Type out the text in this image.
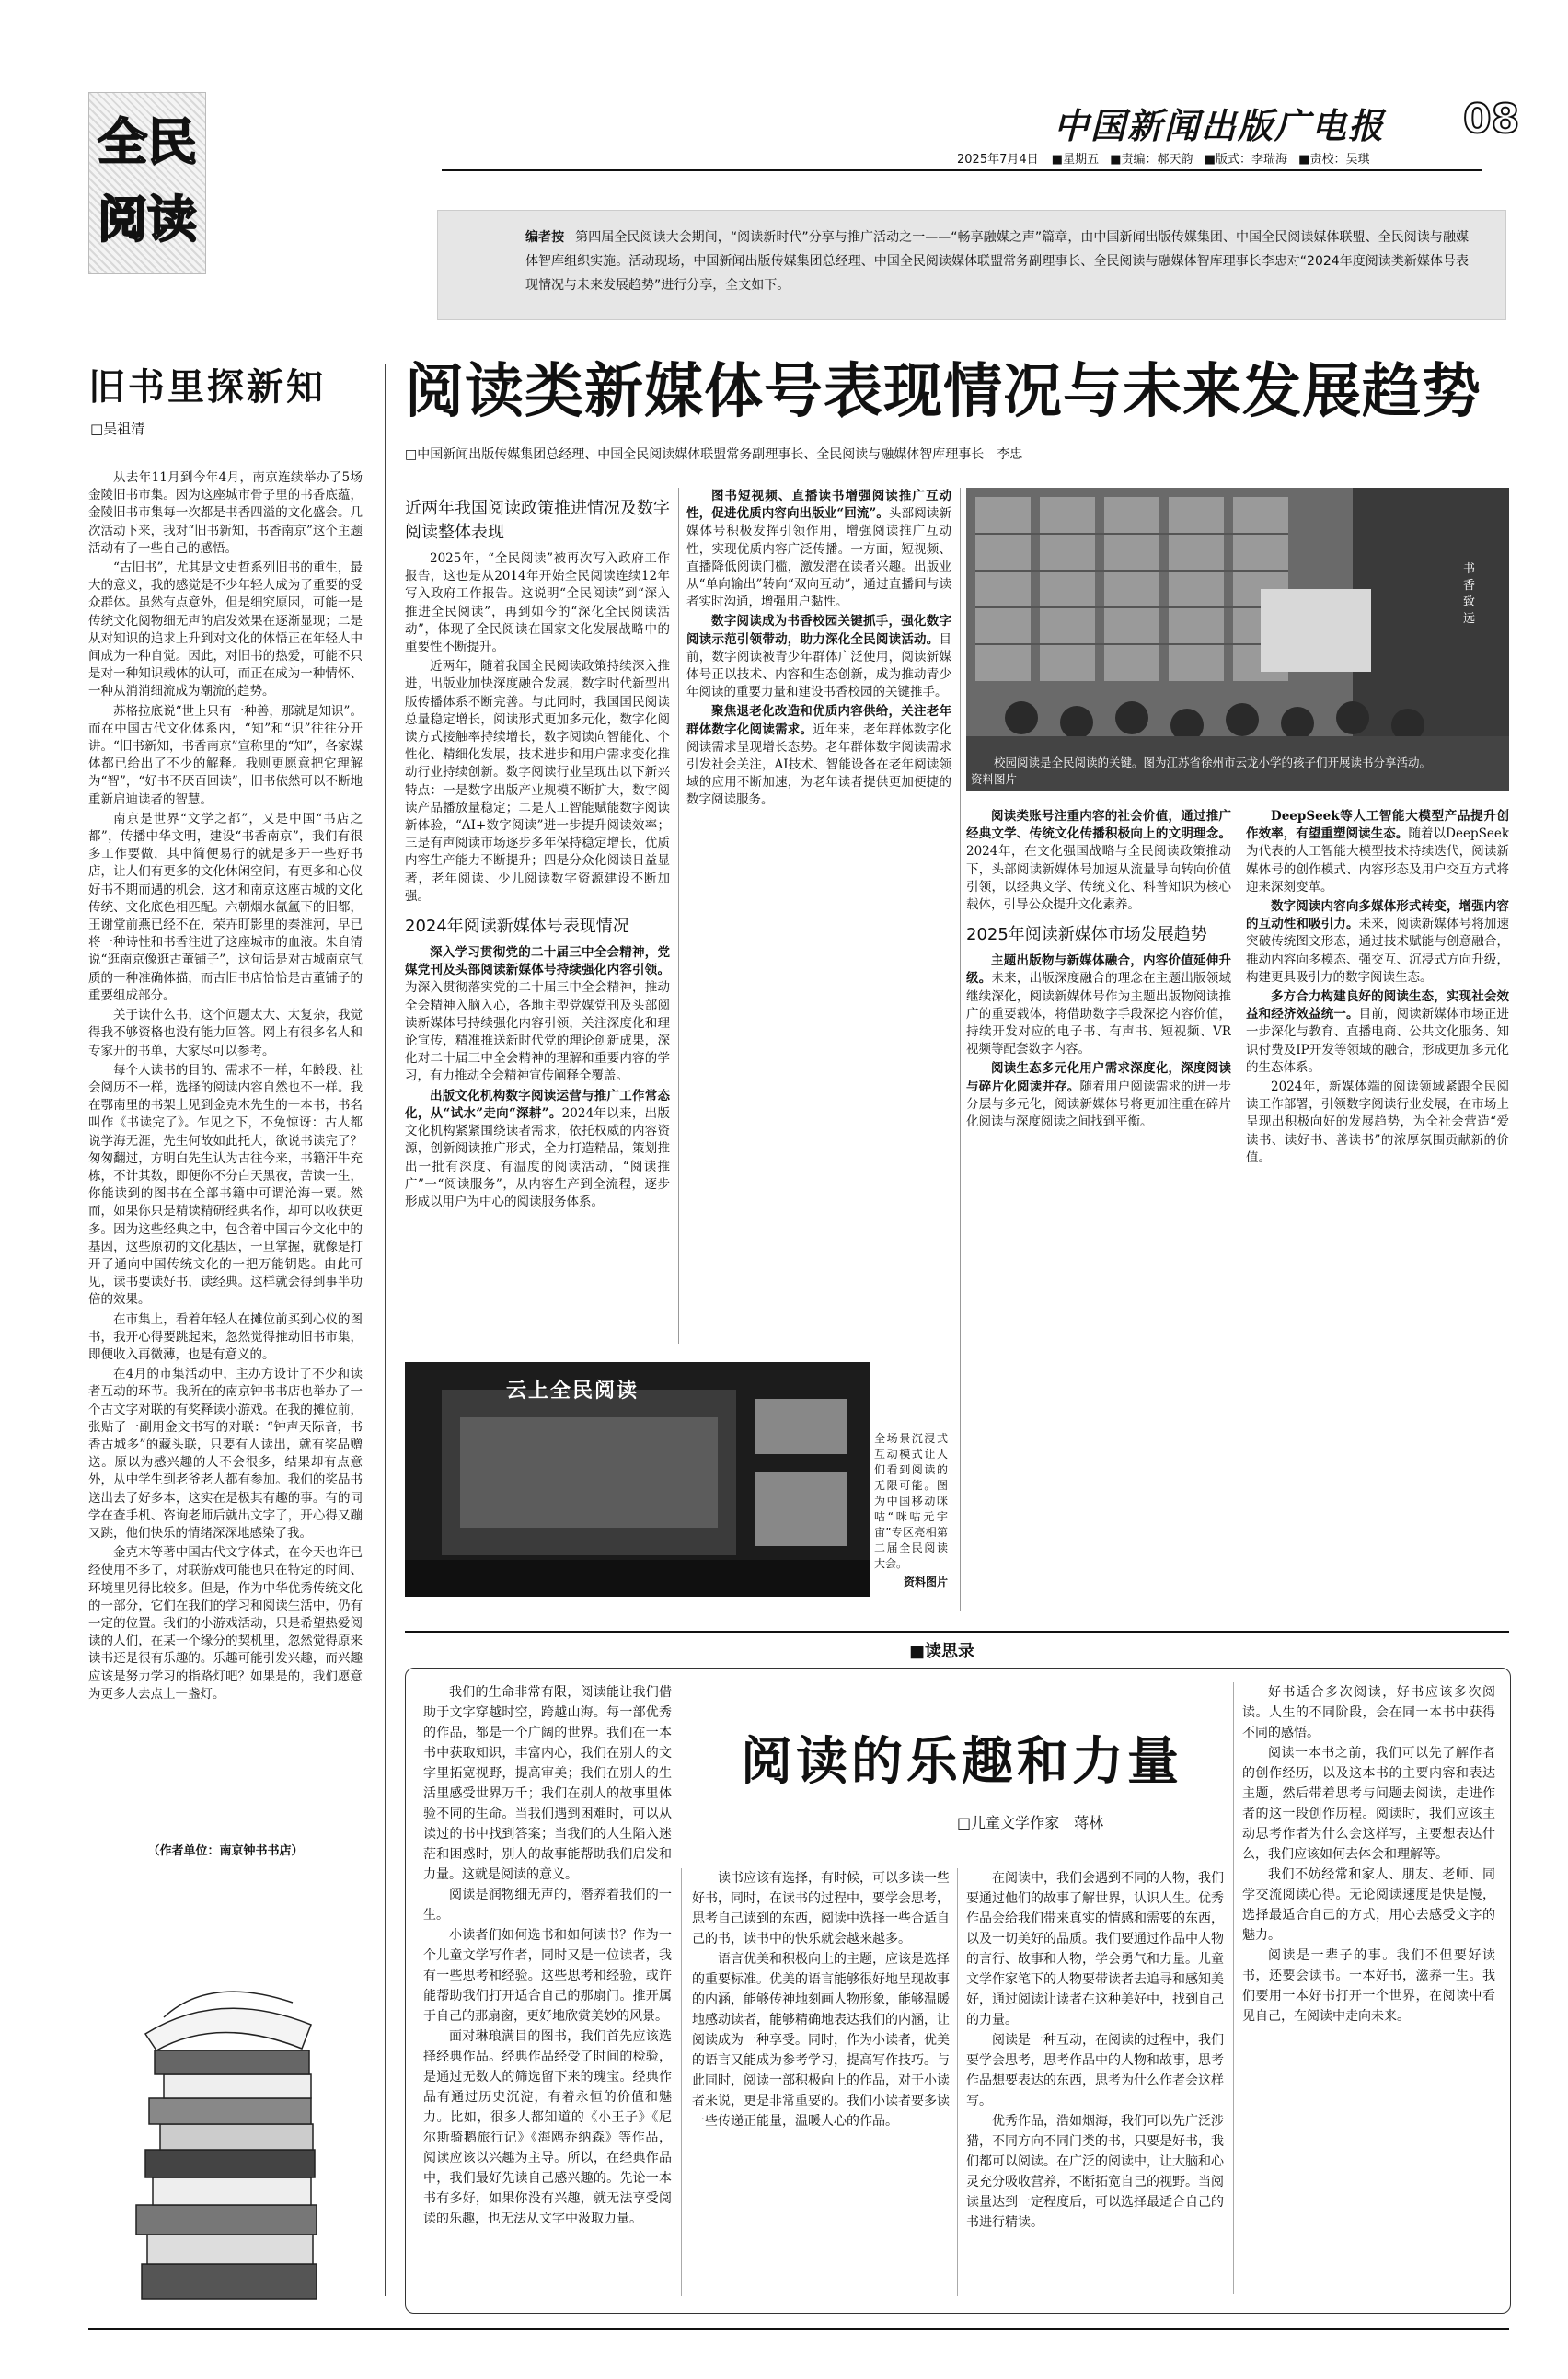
全民阅读
中国新闻出版广电报	08
2025年7月4日 ■星期五 ■责编：郝天韵 ■版式：李瑞海 ■责校：吴琪

编者按 第四届全民阅读大会期间，“阅读新时代”分享与推广活动之一——“畅享融媒之声”篇章，由中国新闻出版传媒集团、中国全民阅读媒体联盟、全民阅读与融媒体智库组织实施。活动现场，中国新闻出版传媒集团总经理、中国全民阅读媒体联盟常务副理事长、全民阅读与融媒体智库理事长李忠对“2024年度阅读类新媒体号表现情况与未来发展趋势”进行分享，全文如下。

旧书里探新知
□吴祖清

从去年11月到今年4月，南京连续举办了5场金陵旧书市集。因为这座城市骨子里的书香底蕴，金陵旧书市集每一次都是书香四溢的文化盛会。几次活动下来，我对“旧书新知，书香南京”这个主题活动有了一些自己的感悟。

“古旧书”，尤其是文史哲系列旧书的重生，最大的意义，我的感觉是不少年轻人成为了重要的受众群体。虽然有点意外，但是细究原因，可能一是传统文化阅物细无声的启发效果在逐渐显现；二是从对知识的追求上升到对文化的体悟正在年轻人中间成为一种自觉。因此，对旧书的热爱，可能不只是对一种知识载体的认可，而正在成为一种情怀、一种从消消细流成为潮流的趋势。

苏格拉底说“世上只有一种善，那就是知识”。而在中国古代文化体系内，“知”和“识”往往分开讲。“旧书新知，书香南京”宣称里的“知”，各家媒体都已给出了不少的解释。我则更愿意把它理解为“智”，“好书不厌百回读”，旧书依然可以不断地重新启迪读者的智慧。

南京是世界“文学之都”，又是中国“书店之都”，传播中华文明，建设“书香南京”，我们有很多工作要做，其中简便易行的就是多开一些好书店，让人们有更多的文化休闲空间，有更多和心仪好书不期而遇的机会，这才和南京这座古城的文化传统、文化底色相匹配。六朝烟水氤氲下的旧都，王谢堂前燕已经不在，荣卉盯影里的秦淮河，早已将一种诗性和书香注进了这座城市的血液。朱自清说“逛南京像逛古董铺子”，这句话是对古城南京气质的一种准确体描，而古旧书店恰恰是古董铺子的重要组成部分。

关于读什么书，这个问题太大、太复杂，我觉得我不够资格也没有能力回答。网上有很多名人和专家开的书单，大家尽可以参考。

每个人读书的目的、需求不一样，年龄段、社会阅历不一样，选择的阅读内容自然也不一样。我在鄂南里的书架上见到金克木先生的一本书，书名叫作《书读完了》。乍见之下，不免惊讶：古人都说学海无涯，先生何故如此托大，欲说书读完了？匆匆翻过，方明白先生认为古往今来，书籍汗牛充栋，不计其数，即便你不分白天黑夜，苦读一生，你能读到的图书在全部书籍中可谓沧海一粟。然而，如果你只是精读精研经典名作，却可以收获更多。因为这些经典之中，包含着中国古今文化中的基因，这些原初的文化基因，一旦掌握，就像是打开了通向中国传统文化的一把万能钥匙。由此可见，读书要读好书，读经典。这样就会得到事半功倍的效果。

在市集上，看着年轻人在摊位前买到心仪的图书，我开心得要跳起来，忽然觉得推动旧书市集，即便收入再微薄，也是有意义的。

在4月的市集活动中，主办方设计了不少和读者互动的环节。我所在的南京钟书书店也举办了一个古文字对联的有奖释读小游戏。在我的摊位前，张贴了一副用金文书写的对联：“钟声天际音，书香古城多”的藏头联，只要有人读出，就有奖品赠送。原以为感兴趣的人不会很多，结果却有点意外，从中学生到老爷老人都有参加。我们的奖品书送出去了好多本，这实在是极其有趣的事。有的同学在查手机、咨询老师后就出文字了，开心得又蹦又跳，他们快乐的情绪深深地感染了我。

金克木等著中国古代文字体式，在今天也许已经使用不多了，对联游戏可能也只在特定的时间、环境里见得比较多。但是，作为中华优秀传统文化的一部分，它们在我们的学习和阅读生活中，仍有一定的位置。我们的小游戏活动，只是希望热爱阅读的人们，在某一个缘分的契机里，忽然觉得原来读书还是很有乐趣的。乐趣可能引发兴趣，而兴趣应该是努力学习的指路灯吧？如果是的，我们愿意为更多人去点上一盏灯。

（作者单位：南京钟书书店）
阅读类新媒体号表现情况与未来发展趋势
□中国新闻出版传媒集团总经理、中国全民阅读媒体联盟常务副理事长、全民阅读与融媒体智库理事长　李忠
近两年我国阅读政策推进情况及数字阅读整体表现

2025年，“全民阅读”被再次写入政府工作报告，这也是从2014年开始全民阅读连续12年写入政府工作报告。这说明“全民阅读”到“深入推进全民阅读”，再到如今的“深化全民阅读活动”，体现了全民阅读在国家文化发展战略中的重要性不断提升。

近两年，随着我国全民阅读政策持续深入推进，出版业加快深度融合发展，数字时代新型出版传播体系不断完善。与此同时，我国国民阅读总量稳定增长，阅读形式更加多元化，数字化阅读方式接触率持续增长，数字阅读向智能化、个性化、精细化发展，技术进步和用户需求变化推动行业持续创新。数字阅读行业呈现出以下新兴特点：一是数字出版产业规模不断扩大，数字阅读产品播放量稳定；二是人工智能赋能数字阅读新体验，“AI+数字阅读”进一步提升阅读效率；三是有声阅读市场逐步多年保持稳定增长，优质内容生产能力不断提升；四是分众化阅读日益显著，老年阅读、少儿阅读数字资源建设不断加强。

2024年阅读新媒体号表现情况

深入学习贯彻党的二十届三中全会精神，党媒党刊及头部阅读新媒体号持续强化内容引领。为深入贯彻落实党的二十届三中全会精神，推动全会精神入脑入心，各地主型党媒党刊及头部阅读新媒体号持续强化内容引领，关注深度化和理论宣传，精准推送新时代党的理论创新成果，深化对二十届三中全会精神的理解和重要内容的学习，有力推动全会精神宣传阐释全覆盖。

出版文化机构数字阅读运营与推广工作常态化，从“试水”走向“深耕”。2024年以来，出版文化机构紧紧围绕读者需求，依托权威的内容资源，创新阅读推广形式，全力打造精品，策划推出一批有深度、有温度的阅读活动，“阅读推广”一“阅读服务”，从内容生产到全流程，逐步形成以用户为中心的阅读服务体系。

图书短视频、直播读书增强阅读推广互动性，促进优质内容向出版业“回流”。头部阅读新媒体号积极发挥引领作用，增强阅读推广互动性，实现优质内容广泛传播。一方面，短视频、直播降低阅读门槛，激发潜在读者兴趣。出版业从“单向输出”转向“双向互动”，通过直播间与读者实时沟通，增强用户黏性。

数字阅读成为书香校园关键抓手，强化数字阅读示范引领带动，助力深化全民阅读活动。目前，数字阅读被青少年群体广泛使用，阅读新媒体号正以技术、内容和生态创新，成为推动青少年阅读的重要力量和建设书香校园的关键推手。

聚焦退老化改造和优质内容供给，关注老年群体数字化阅读需求。近年来，老年群体数字化阅读需求呈现增长态势。老年群体数字阅读需求引发社会关注，AI技术、智能设备在老年阅读领域的应用不断加速，为老年读者提供更加便捷的数字阅读服务。

书香致远
校园阅读是全民阅读的关键。图为江苏省徐州市云龙小学的孩子们开展读书分享活动。　　　　　　资料图片

阅读类账号注重内容的社会价值，通过推广经典文学、传统文化传播积极向上的文明理念。2024年，在文化强国战略与全民阅读政策推动下，头部阅读新媒体号加速从流量导向转向价值引领，以经典文学、传统文化、科普知识为核心载体，引导公众提升文化素养。

2025年阅读新媒体市场发展趋势

主题出版物与新媒体融合，内容价值延伸升级。未来，出版深度融合的理念在主题出版领域继续深化，阅读新媒体号作为主题出版物阅读推广的重要载体，将借助数字手段深挖内容价值，持续开发对应的电子书、有声书、短视频、VR视频等配套数字内容。

阅读生态多元化用户需求深度化，深度阅读与碎片化阅读并存。随着用户阅读需求的进一步分层与多元化，阅读新媒体号将更加注重在碎片化阅读与深度阅读之间找到平衡。

DeepSeek等人工智能大模型产品提升创作效率，有望重塑阅读生态。随着以DeepSeek为代表的人工智能大模型技术持续迭代，阅读新媒体号的创作模式、内容形态及用户交互方式将迎来深刻变革。

数字阅读内容向多媒体形式转变，增强内容的互动性和吸引力。未来，阅读新媒体号将加速突破传统图文形态，通过技术赋能与创意融合，推动内容向多模态、强交互、沉浸式方向升级，构建更具吸引力的数字阅读生态。

多方合力构建良好的阅读生态，实现社会效益和经济效益统一。目前，阅读新媒体市场正进一步深化与教育、直播电商、公共文化服务、知识付费及IP开发等领域的融合，形成更加多元化的生态体系。

2024年，新媒体端的阅读领域紧跟全民阅读工作部署，引领数字阅读行业发展，在市场上呈现出积极向好的发展趋势，为全社会营造“爱读书、读好书、善读书”的浓厚氛围贡献新的价值。

云上全民阅读
全场景沉浸式互动模式让人们看到阅读的无限可能。图为中国移动咪咕“咪咕元宇宙”专区亮相第二届全民阅读大会。
资料图片
■读思录

我们的生命非常有限，阅读能让我们借助于文字穿越时空，跨越山海。每一部优秀的作品，都是一个广阔的世界。我们在一本书中获取知识，丰富内心，我们在别人的文字里拓宽视野，提高审美；我们在别人的生活里感受世界万千；我们在别人的故事里体验不同的生命。当我们遇到困难时，可以从读过的书中找到答案；当我们的人生陷入迷茫和困惑时，别人的故事能帮助我们启发和力量。这就是阅读的意义。

阅读是润物细无声的，潜养着我们的一生。

小读者们如何选书和如何读书？作为一个儿童文学写作者，同时又是一位读者，我有一些思考和经验。这些思考和经验，或许能帮助我们打开适合自己的那扇门。推开属于自己的那扇窗，更好地欣赏美妙的风景。

面对琳琅满目的图书，我们首先应该选择经典作品。经典作品经受了时间的检验，是通过无数人的筛选留下来的瑰宝。经典作品有通过历史沉淀，有着永恒的价值和魅力。比如，很多人都知道的《小王子》《尼尔斯骑鹅旅行记》《海鸥乔纳森》等作品，阅读应该以兴趣为主导。所以，在经典作品中，我们最好先读自己感兴趣的。先论一本书有多好，如果你没有兴趣，就无法享受阅读的乐趣，也无法从文字中汲取力量。

阅读的乐趣和力量
□儿童文学作家　蒋林

读书应该有选择，有时候，可以多读一些好书，同时，在读书的过程中，要学会思考，思考自己读到的东西，阅读中选择一些合适自己的书，读书中的快乐就会越来越多。

语言优美和积极向上的主题，应该是选择的重要标准。优美的语言能够很好地呈现故事的内涵，能够传神地刻画人物形象，能够温暖地感动读者，能够精确地表达我们的内涵，让阅读成为一种享受。同时，作为小读者，优美的语言又能成为参考学习，提高写作技巧。与此同时，阅读一部积极向上的作品，对于小读者来说，更是非常重要的。我们小读者要多读一些传递正能量，温暖人心的作品。

在阅读中，我们会遇到不同的人物，我们要通过他们的故事了解世界，认识人生。优秀作品会给我们带来真实的情感和需要的东西，以及一切美好的品质。我们要通过作品中人物的言行、故事和人物，学会勇气和力量。儿童文学作家笔下的人物要带读者去追寻和感知美好，通过阅读让读者在这种美好中，找到自己的力量。

阅读是一种互动，在阅读的过程中，我们要学会思考，思考作品中的人物和故事，思考作品想要表达的东西，思考为什么作者会这样写。

优秀作品，浩如烟海，我们可以先广泛涉猎，不同方向不同门类的书，只要是好书，我们都可以阅读。在广泛的阅读中，让大脑和心灵充分吸收营养，不断拓宽自己的视野。当阅读量达到一定程度后，可以选择最适合自己的书进行精读。

好书适合多次阅读，好书应该多次阅读。人生的不同阶段，会在同一本书中获得不同的感悟。

阅读一本书之前，我们可以先了解作者的创作经历，以及这本书的主要内容和表达主题，然后带着思考与问题去阅读，走进作者的这一段创作历程。阅读时，我们应该主动思考作者为什么会这样写，主要想表达什么，我们应该如何去体会和理解等。

我们不妨经常和家人、朋友、老师、同学交流阅读心得。无论阅读速度是快是慢，选择最适合自己的方式，用心去感受文字的魅力。

阅读是一辈子的事。我们不但要好读书，还要会读书。一本好书，滋养一生。我们要用一本好书打开一个世界，在阅读中看见自己，在阅读中走向未来。
